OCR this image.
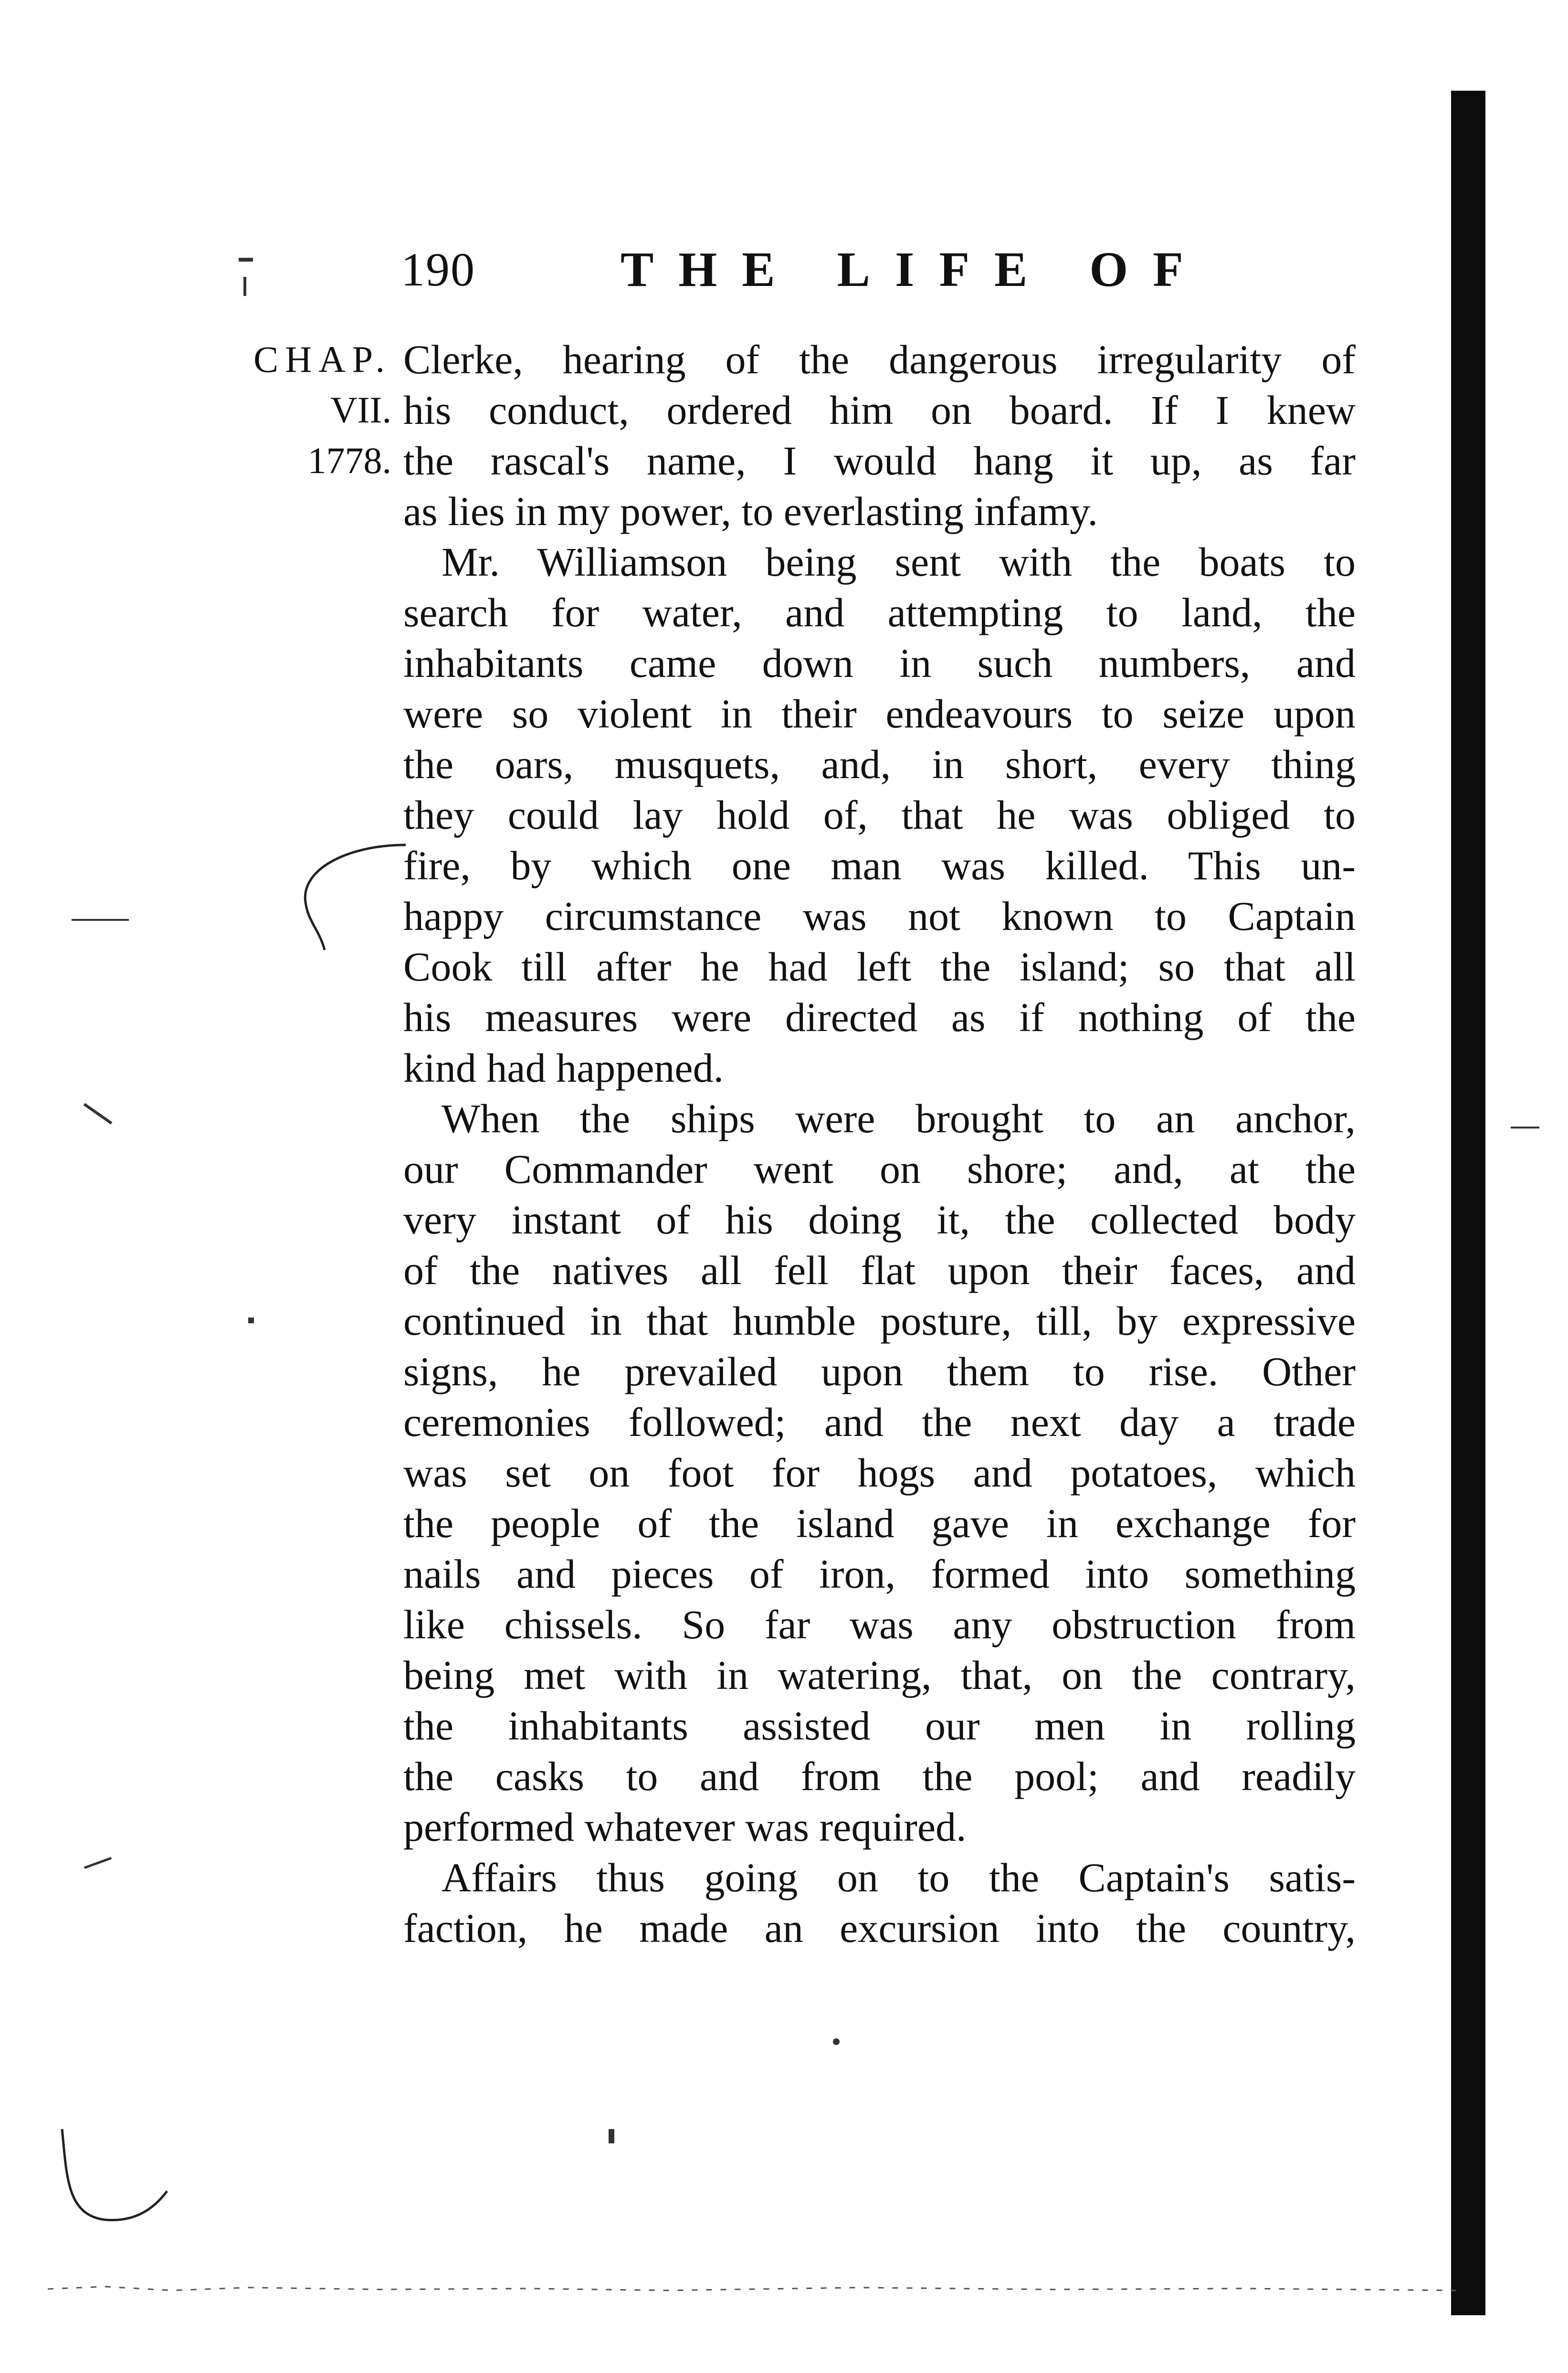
190	THE LIFE OF
CHAP.
VII.
1778.
Clerke, hearing of the dangerous irregularity of
his conduct, ordered him on board. If I knew
the rascal's name, I would hang it up, as far
as lies in my power, to everlasting infamy.
Mr. Williamson being sent with the boats to
search for water, and attempting to land, the
inhabitants came down in such numbers, and
were so violent in their endeavours to seize upon
the oars, musquets, and, in short, every thing
they could lay hold of, that he was obliged to
fire, by which one man was killed. This un-
happy circumstance was not known to Captain
Cook till after he had left the island; so that all
his measures were directed as if nothing of the
kind had happened.
When the ships were brought to an anchor,
our Commander went on shore; and, at the
very instant of his doing it, the collected body
of the natives all fell flat upon their faces, and
continued in that humble posture, till, by expressive
signs, he prevailed upon them to rise. Other
ceremonies followed; and the next day a trade
was set on foot for hogs and potatoes, which
the people of the island gave in exchange for
nails and pieces of iron, formed into something
like chissels. So far was any obstruction from
being met with in watering, that, on the contrary,
the inhabitants assisted our men in rolling
the casks to and from the pool; and readily
performed whatever was required.
Affairs thus going on to the Captain's satis-
faction, he made an excursion into the country,
